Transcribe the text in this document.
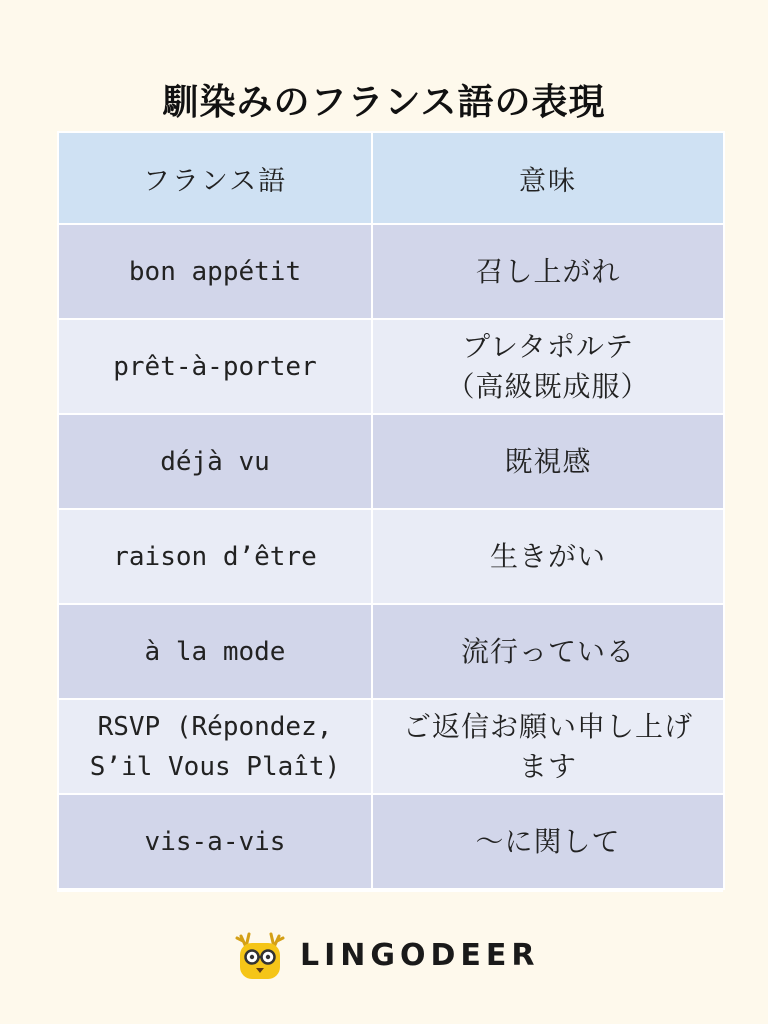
馴染みのフランス語の表現
フランス語	意味

bon appétit	召し上がれ

prêt-à-porter	プレタポルテ
（高級既成服）

déjà vu	既視感

raison d’être	生きがい

à la mode	流行っている

RSVP (Répondez,
S’il Vous Plaît)	ご返信お願い申し上げ
ます

vis-a-vis	～に関して
LINGODEER
